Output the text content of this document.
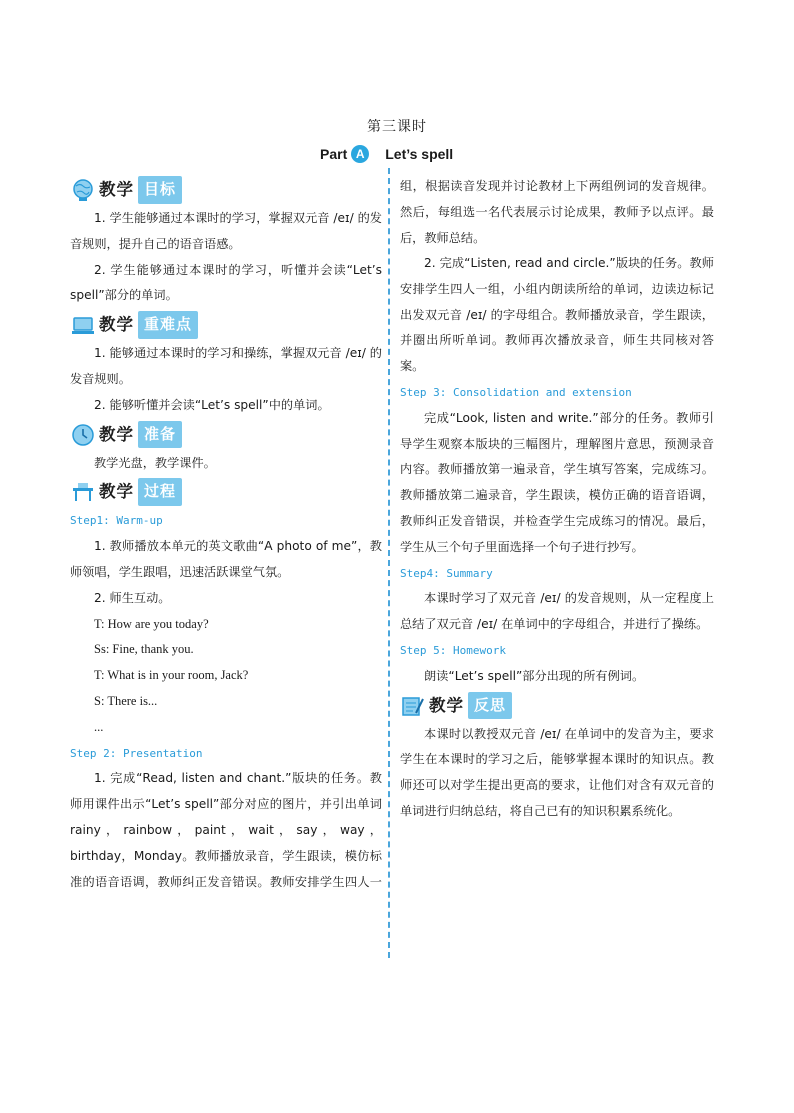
第三课时
Part A	Let’s spell
教学 目标

1. 学生能够通过本课时的学习，掌握双元音 /eɪ/ 的发音规则，提升自己的语音语感。

2. 学生能够通过本课时的学习，听懂并会读“Let’s spell”部分的单词。

教学 重难点

1. 能够通过本课时的学习和操练，掌握双元音 /eɪ/ 的发音规则。

2. 能够听懂并会读“Let’s spell”中的单词。

教学 准备

教学光盘，教学课件。

教学 过程

Step1: Warm-up

1. 教师播放本单元的英文歌曲“A photo of me”，教师领唱，学生跟唱，迅速活跃课堂气氛。

2. 师生互动。

T: How are you today?

Ss: Fine, thank you.

T: What is in your room, Jack?

S: There is...

...

Step 2: Presentation

1. 完成“Read, listen and chant.”版块的任务。教师用课件出示“Let’s spell”部分对应的图片，并引出单词 rainy，rainbow，paint，wait，say，way，birthday，Monday。教师播放录音，学生跟读，模仿标准的语音语调，教师纠正发音错误。教师安排学生四人一

组，根据读音发现并讨论教材上下两组例词的发音规律。然后，每组选一名代表展示讨论成果，教师予以点评。最后，教师总结。

2. 完成“Listen, read and circle.”版块的任务。教师安排学生四人一组，小组内朗读所给的单词，边读边标记出发双元音 /eɪ/ 的字母组合。教师播放录音，学生跟读，并圈出所听单词。教师再次播放录音，师生共同核对答案。

Step 3: Consolidation and extension

完成“Look, listen and write.”部分的任务。教师引导学生观察本版块的三幅图片，理解图片意思，预测录音内容。教师播放第一遍录音，学生填写答案，完成练习。教师播放第二遍录音，学生跟读，模仿正确的语音语调，教师纠正发音错误，并检查学生完成练习的情况。最后，学生从三个句子里面选择一个句子进行抄写。

Step4: Summary

本课时学习了双元音 /eɪ/ 的发音规则，从一定程度上总结了双元音 /eɪ/ 在单词中的字母组合，并进行了操练。

Step 5: Homework

朗读“Let’s spell”部分出现的所有例词。

教学 反思

本课时以教授双元音 /eɪ/ 在单词中的发音为主，要求学生在本课时的学习之后，能够掌握本课时的知识点。教师还可以对学生提出更高的要求，让他们对含有双元音的单词进行归纳总结，将自己已有的知识积累系统化。
